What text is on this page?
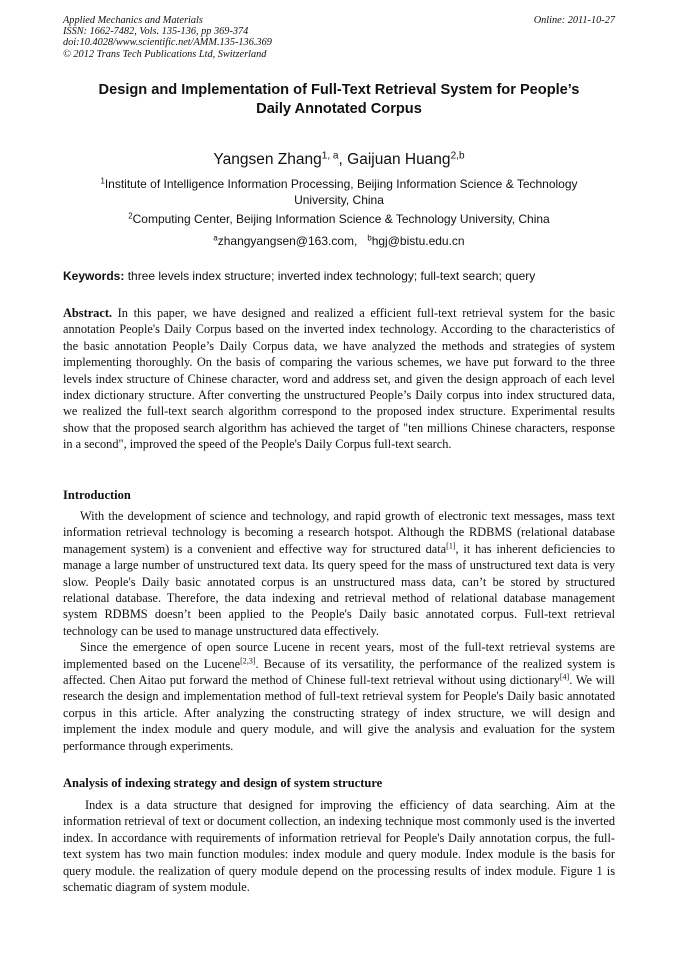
Applied Mechanics and Materials
ISSN: 1662-7482, Vols. 135-136, pp 369-374
doi:10.4028/www.scientific.net/AMM.135-136.369
© 2012 Trans Tech Publications Ltd, Switzerland
Online: 2011-10-27
Design and Implementation of Full-Text Retrieval System for People’s
Daily Annotated Corpus
Yangsen Zhang$^{1, a}$, Gaijuan Huang$^{2,b}$
$^1$Institute of Intelligence Information Processing, Beijing Information Science & Technology
University, China
$^2$Computing Center, Beijing Information Science & Technology University, China
$^a$zhangyangsen@163.com, $^b$hgj@bistu.edu.cn
Keywords: three levels index structure; inverted index technology; full-text search; query
Abstract. In this paper, we have designed and realized a efficient full-text retrieval system for the basic annotation People's Daily Corpus based on the inverted index technology. According to the characteristics of the basic annotation People’s Daily Corpus data, we have analyzed the methods and strategies of system implementing thoroughly. On the basis of comparing the various schemes, we have put forward to the three levels index structure of Chinese character, word and address set, and given the design approach of each level index dictionary structure. After converting the unstructured People’s Daily corpus into index structured data, we realized the full-text search algorithm correspond to the proposed index structure. Experimental results show that the proposed search algorithm has achieved the target of "ten millions Chinese characters, response in a second", improved the speed of the People's Daily Corpus full-text search.
Introduction

With the development of science and technology, and rapid growth of electronic text messages, mass text information retrieval technology is becoming a research hotspot. Although the RDBMS (relational database management system) is a convenient and effective way for structured data[1], it has inherent deficiencies to manage a large number of unstructured text data. Its query speed for the mass of unstructured text data is very slow. People's Daily basic annotated corpus is an unstructured mass data, can’t be stored by structured relational database. Therefore, the data indexing and retrieval method of relational database management system RDBMS doesn’t been applied to the People's Daily basic annotated corpus. Full-text retrieval technology can be used to manage unstructured data effectively.

Since the emergence of open source Lucene in recent years, most of the full-text retrieval systems are implemented based on the Lucene[2,3]. Because of its versatility, the performance of the realized system is affected. Chen Aitao put forward the method of Chinese full-text retrieval without using dictionary[4]. We will research the design and implementation method of full-text retrieval system for People's Daily basic annotated corpus in this article. After analyzing the constructing strategy of index structure, we will design and implement the index module and query module, and will give the analysis and evaluation for the system performance through experiments.

Analysis of indexing strategy and design of system structure

Index is a data structure that designed for improving the efficiency of data searching. Aim at the information retrieval of text or document collection, an indexing technique most commonly used is the inverted index. In accordance with requirements of information retrieval for People's Daily annotation corpus, the full-text system has two main function modules: index module and query module. Index module is the basis for query module. the realization of query module depend on the processing results of index module. Figure 1 is schematic diagram of system module.
